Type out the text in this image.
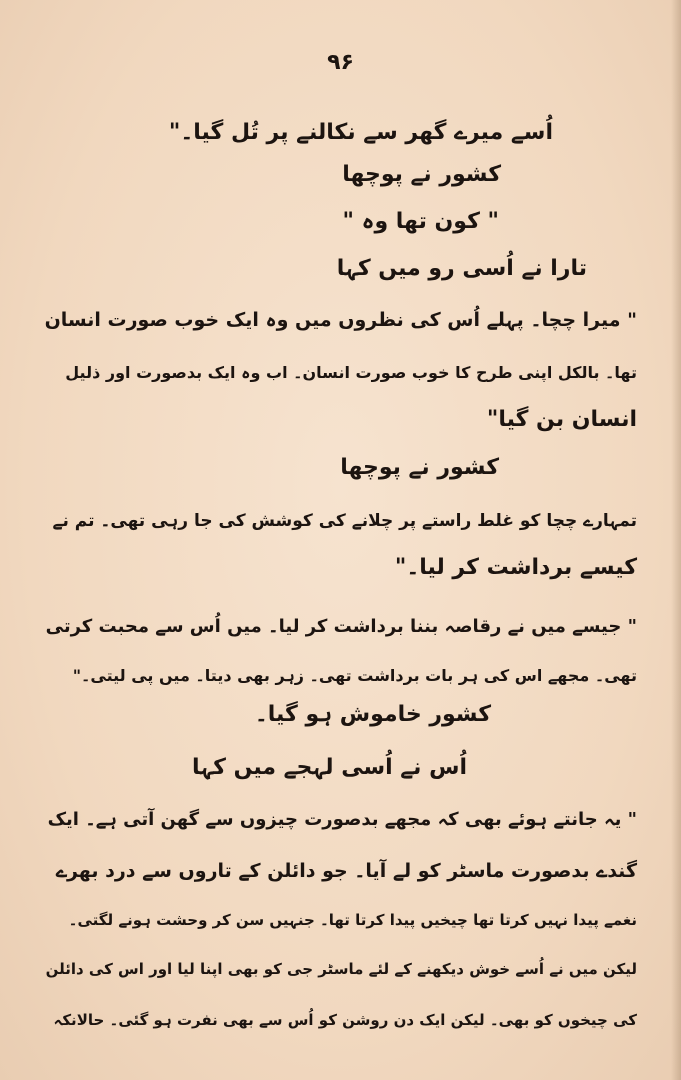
۹۶
اُسے میرے گھر سے نکالنے پر تُل گیا۔"
کشور نے پوچھا
" کون تھا وہ "
تارا نے اُسی رو میں کہا
" میرا چچا۔ پہلے اُس کی نظروں میں وہ ایک خوب صورت انسان
تھا۔ بالکل اپنی طرح کا خوب صورت انسان۔ اب وہ ایک بدصورت اور ذلیل
انسان بن گیا"
کشور نے پوچھا
تمہارے چچا کو غلط راستے پر چلانے کی کوشش کی جا رہی تھی۔ تم نے
کیسے برداشت کر لیا۔"
" جیسے میں نے رقاصہ بننا برداشت کر لیا۔ میں اُس سے محبت کرتی
تھی۔ مجھے اس کی ہر بات برداشت تھی۔ زہر بھی دیتا۔ میں پی لیتی۔"
کشور خاموش ہو گیا۔
اُس نے اُسی لہجے میں کہا
" یہ جانتے ہوئے بھی کہ مجھے بدصورت چیزوں سے گھن آتی ہے۔ ایک
گندے بدصورت ماسٹر کو لے آیا۔ جو دائلن کے تاروں سے درد بھرے
نغمے پیدا نہیں کرتا تھا چیخیں پیدا کرتا تھا۔ جنہیں سن کر وحشت ہونے لگتی۔
لیکن میں نے اُسے خوش دیکھنے کے لئے ماسٹر جی کو بھی اپنا لیا اور اس کی دائلن
کی چیخوں کو بھی۔ لیکن ایک دن روشن کو اُس سے بھی نفرت ہو گئی۔ حالانکہ
